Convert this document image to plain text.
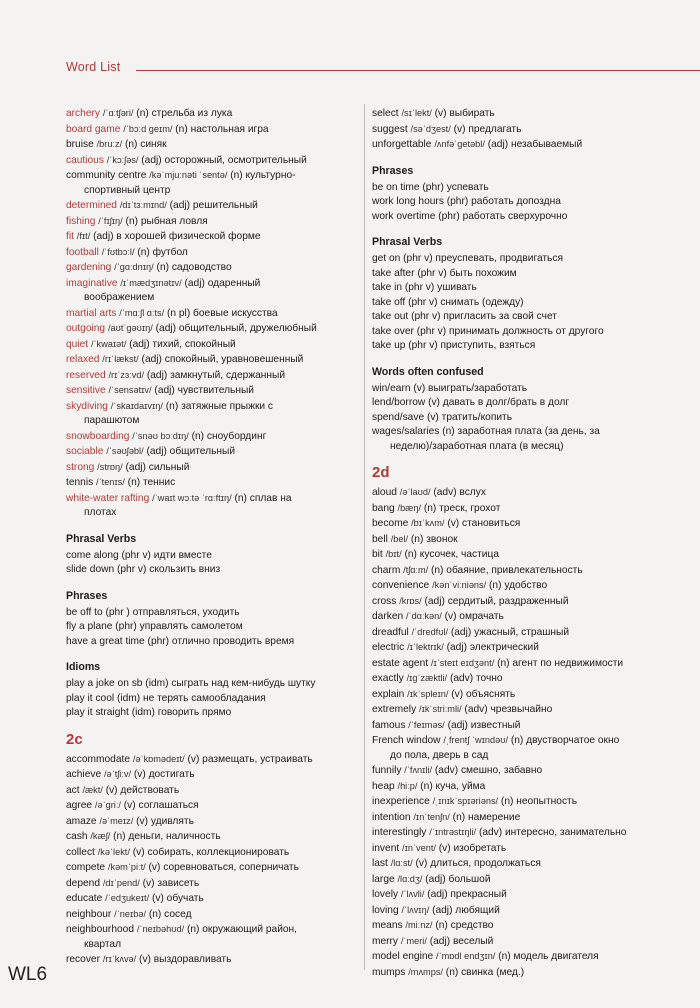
Word List
archery /ˈɑːtʃəri/ (n) стрельба из лука
board game /ˈbɔːd ɡeɪm/ (n) настольная игра
bruise /bruːz/ (n) синяк
cautious /ˈkɔːʃəs/ (adj) осторожный, осмотрительный
community centre /kəˈmjuːnəti ˈsentə/ (n) культурно-
спортивный центр
determined /dɪˈtɜːmɪnd/ (adj) решительный
fishing /ˈfɪʃɪŋ/ (n) рыбная ловля
fit /fɪt/ (adj) в хорошей физической форме
football /ˈfʊtbɔːl/ (n) футбол
gardening /ˈɡɑːdnɪŋ/ (n) садоводство
imaginative /ɪˈmædʒɪnətɪv/ (adj) одаренный
воображением
martial arts /ˈmɑːʃl ɑːts/ (n pl) боевые искусства
outgoing /aʊtˈɡəʊɪŋ/ (adj) общительный, дружелюбный
quiet /ˈkwaɪət/ (adj) тихий, спокойный
relaxed /rɪˈlækst/ (adj) спокойный, уравновешенный
reserved /rɪˈzɜːvd/ (adj) замкнутый, сдержанный
sensitive /ˈsensətɪv/ (adj) чувствительный
skydiving /ˈskaɪdaɪvɪŋ/ (n) затяжные прыжки с
парашютом
snowboarding /ˈsnəʊ bɔːdɪŋ/ (n) сноубординг
sociable /ˈsəʊʃəbl/ (adj) общительный
strong /strɒŋ/ (adj) сильный
tennis /ˈtenɪs/ (n) теннис
white-water rafting /ˈwaɪt wɔːtə ˈrɑːftɪŋ/ (n) сплав на
плотах
Phrasal Verbs
come along (phr v) идти вместе
slide down (phr v) скользить вниз
Phrases
be off to (phr ) отправляться, уходить
fly a plane (phr) управлять самолетом
have a great time (phr) отлично проводить время
Idioms
play a joke on sb (idm) сыграть над кем-нибудь шутку
play it cool (idm) не терять самообладания
play it straight (idm) говорить прямо
2c
accommodate /əˈkɒmədeɪt/ (v) размещать, устраивать
achieve /əˈtʃiːv/ (v) достигать
act /ækt/ (v) действовать
agree /əˈɡriː/ (v) соглашаться
amaze /əˈmeɪz/ (v) удивлять
cash /kæʃ/ (n) деньги, наличность
collect /kəˈlekt/ (v) собирать, коллекционировать
compete /kəmˈpiːt/ (v) соревноваться, соперничать
depend /dɪˈpend/ (v) зависеть
educate /ˈedʒukeɪt/ (v) обучать
neighbour /ˈneɪbə/ (n) сосед
neighbourhood /ˈneɪbəhʊd/ (n) окружающий район,
квартал
recover /rɪˈkʌvə/ (v) выздоравливать
select /sɪˈlekt/ (v) выбирать
suggest /səˈdʒest/ (v) предлагать
unforgettable /ʌnfəˈɡetəbl/ (adj) незабываемый
Phrases
be on time (phr) успевать
work long hours (phr) работать допоздна
work overtime (phr) работать сверхурочно
Phrasal Verbs
get on (phr v) преуспевать, продвигаться
take after (phr v) быть похожим
take in (phr v) ушивать
take off (phr v) снимать (одежду)
take out (phr v) пригласить за свой счет
take over (phr v) принимать должность от другого
take up (phr v) приступить, взяться
Words often confused
win/earn (v) выиграть/заработать
lend/borrow (v) давать в долг/брать в долг
spend/save (v) тратить/копить
wages/salaries (n) заработная плата (за день, за
неделю)/заработная плата (в месяц)
2d
aloud /əˈlaʊd/ (adv) вслух
bang /bæŋ/ (n) треск, грохот
become /bɪˈkʌm/ (v) становиться
bell /bel/ (n) звонок
bit /bɪt/ (n) кусочек, частица
charm /tʃɑːm/ (n) обаяние, привлекательность
convenience /kənˈviːniəns/ (n) удобство
cross /krɒs/ (adj) сердитый, раздраженный
darken /ˈdɑːkən/ (v) омрачать
dreadful /ˈdredfʊl/ (adj) ужасный, страшный
electric /ɪˈlektrɪk/ (adj) электрический
estate agent /ɪˈsteɪt eɪdʒənt/ (n) агент по недвижимости
exactly /ɪɡˈzæktli/ (adv) точно
explain /ɪkˈspleɪn/ (v) объяснять
extremely /ɪkˈstriːmli/ (adv) чрезвычайно
famous /ˈfeɪməs/ (adj) известный
French window /ˌfrentʃ ˈwɪndəʊ/ (n) двустворчатое окно
до пола, дверь в сад
funnily /ˈfʌnɪli/ (adv) смешно, забавно
heap /hiːp/ (n) куча, уйма
inexperience /ˌɪnɪkˈspɪəriəns/ (n) неопытность
intention /ɪnˈtenʃn/ (n) намерение
interestingly /ˈɪntrəstɪŋli/ (adv) интересно, занимательно
invent /ɪnˈvent/ (v) изобретать
last /lɑːst/ (v) длиться, продолжаться
large /lɑːdʒ/ (adj) большой
lovely /ˈlʌvli/ (adj) прекрасный
loving /ˈlʌvɪŋ/ (adj) любящий
means /miːnz/ (n) средство
merry /ˈmeri/ (adj) веселый
model engine /ˈmɒdl endʒɪn/ (n) модель двигателя
mumps /mʌmps/ (n) свинка (мед.)
WL6
